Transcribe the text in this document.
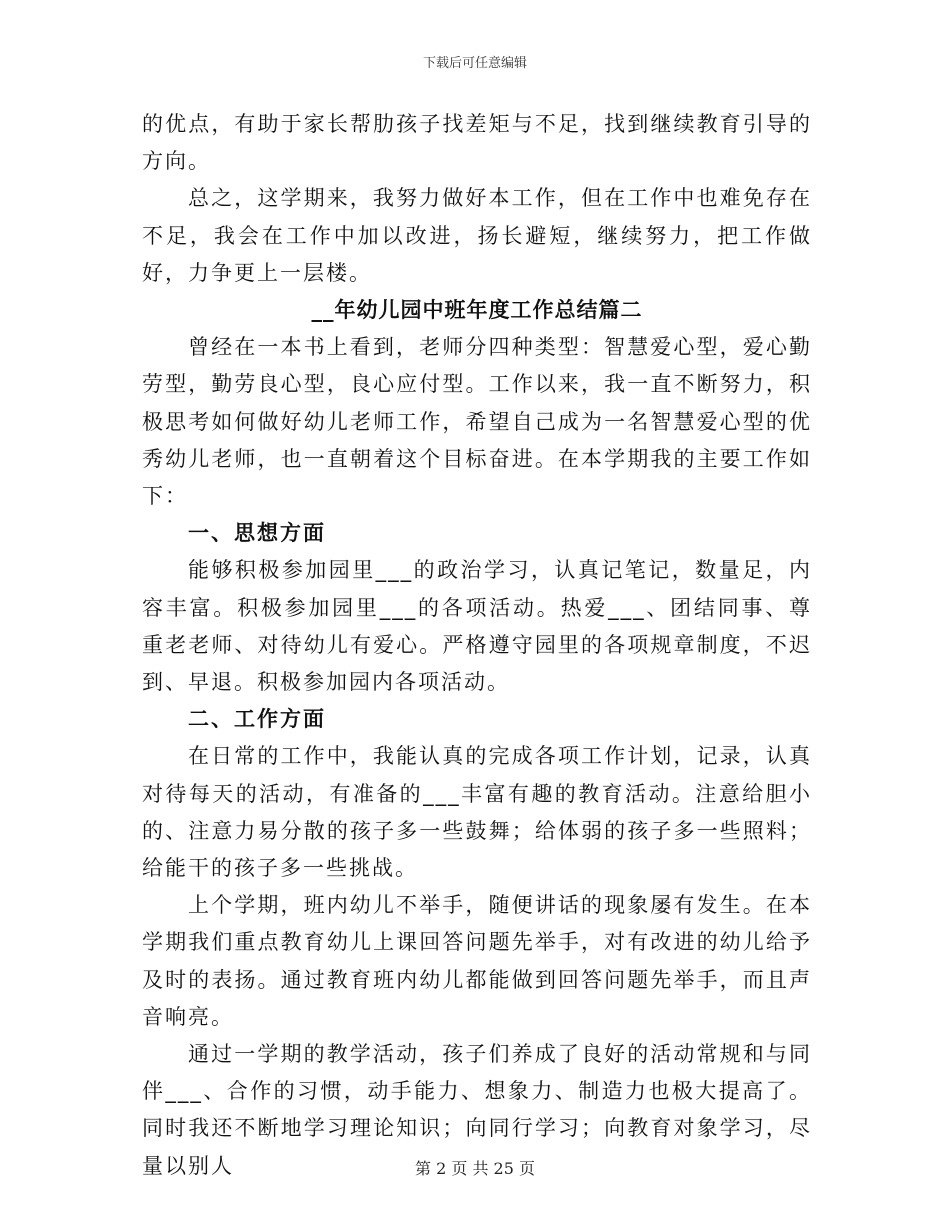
下载后可任意编辑

的优点，有助于家长帮肋孩子找差矩与不足，找到继续教育引导的方向。

总之，这学期来，我努力做好本工作，但在工作中也难免存在不足，我会在工作中加以改进，扬长避短，继续努力，把工作做好，力争更上一层楼。

__年幼儿园中班年度工作总结篇二

曾经在一本书上看到，老师分四种类型：智慧爱心型，爱心勤劳型，勤劳良心型，良心应付型。工作以来，我一直不断努力，积极思考如何做好幼儿老师工作，希望自己成为一名智慧爱心型的优秀幼儿老师，也一直朝着这个目标奋进。在本学期我的主要工作如下：

一、思想方面

能够积极参加园里___的政治学习，认真记笔记，数量足，内容丰富。积极参加园里___的各项活动。热爱___、团结同事、尊重老老师、对待幼儿有爱心。严格遵守园里的各项规章制度，不迟到、早退。积极参加园内各项活动。

二、工作方面

在日常的工作中，我能认真的完成各项工作计划，记录，认真对待每天的活动，有准备的___丰富有趣的教育活动。注意给胆小的、注意力易分散的孩子多一些鼓舞；给体弱的孩子多一些照料；给能干的孩子多一些挑战。

上个学期，班内幼儿不举手，随便讲话的现象屡有发生。在本学期我们重点教育幼儿上课回答问题先举手，对有改进的幼儿给予及时的表扬。通过教育班内幼儿都能做到回答问题先举手，而且声音响亮。

通过一学期的教学活动，孩子们养成了良好的活动常规和与同伴___、合作的习惯，动手能力、想象力、制造力也极大提高了。同时我还不断地学习理论知识；向同行学习；向教育对象学习，尽量以别人	第 2 页 共 25 页
